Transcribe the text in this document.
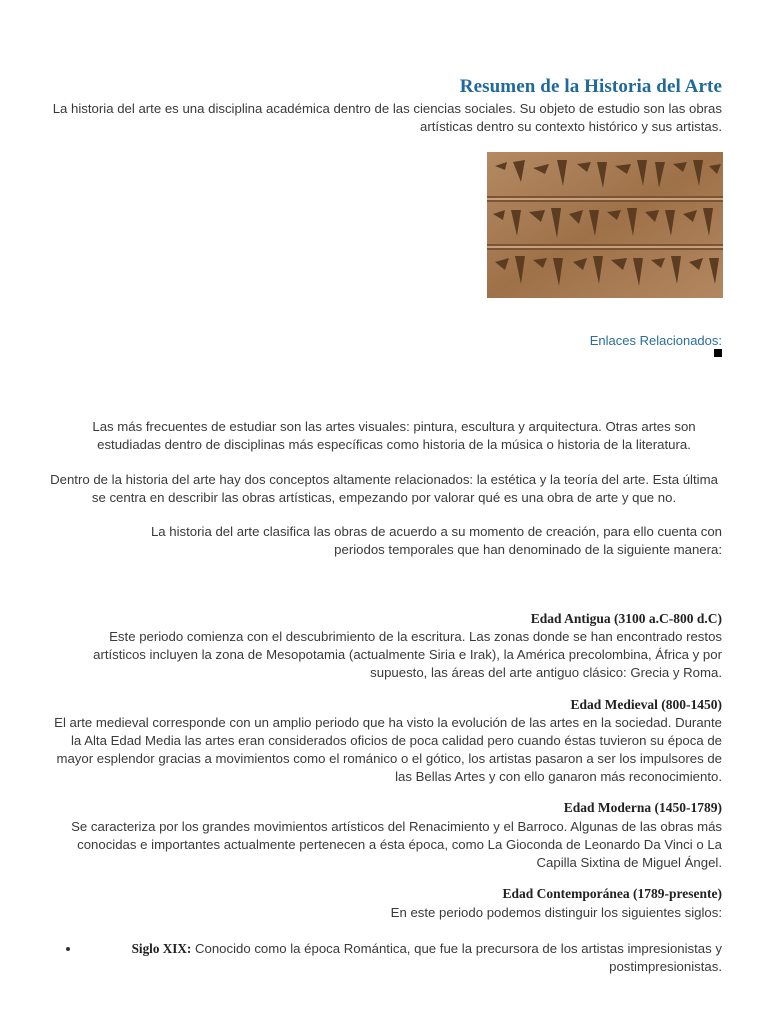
Resumen de la Historia del Arte

La historia del arte es una disciplina académica dentro de las ciencias sociales. Su objeto de estudio son las obras artísticas dentro su contexto histórico y sus artistas.

Enlaces Relacionados:

Las más frecuentes de estudiar son las artes visuales: pintura, escultura y arquitectura. Otras artes son estudiadas dentro de disciplinas más específicas como historia de la música o historia de la literatura.

Dentro de la historia del arte hay dos conceptos altamente relacionados: la estética y la teoría del arte. Esta última se centra en describir las obras artísticas, empezando por valorar qué es una obra de arte y que no.

La historia del arte clasifica las obras de acuerdo a su momento de creación, para ello cuenta con periodos temporales que han denominado de la siguiente manera:

Edad Antigua (3100 a.C-800 d.C)

Este periodo comienza con el descubrimiento de la escritura. Las zonas donde se han encontrado restos artísticos incluyen la zona de Mesopotamia (actualmente Siria e Irak), la América precolombina, África y por supuesto, las áreas del arte antiguo clásico: Grecia y Roma.

Edad Medieval (800-1450)

El arte medieval corresponde con un amplio periodo que ha visto la evolución de las artes en la sociedad. Durante la Alta Edad Media las artes eran considerados oficios de poca calidad pero cuando éstas tuvieron su época de mayor esplendor gracias a movimientos como el románico o el gótico, los artistas pasaron a ser los impulsores de las Bellas Artes y con ello ganaron más reconocimiento.

Edad Moderna (1450-1789)

Se caracteriza por los grandes movimientos artísticos del Renacimiento y el Barroco. Algunas de las obras más conocidas e importantes actualmente pertenecen a ésta época, como La Gioconda de Leonardo Da Vinci o La Capilla Sixtina de Miguel Ángel.

Edad Contemporánea (1789-presente)

En este periodo podemos distinguir los siguientes siglos:

Siglo XIX: Conocido como la época Romántica, que fue la precursora de los artistas impresionistas y postimpresionistas.
